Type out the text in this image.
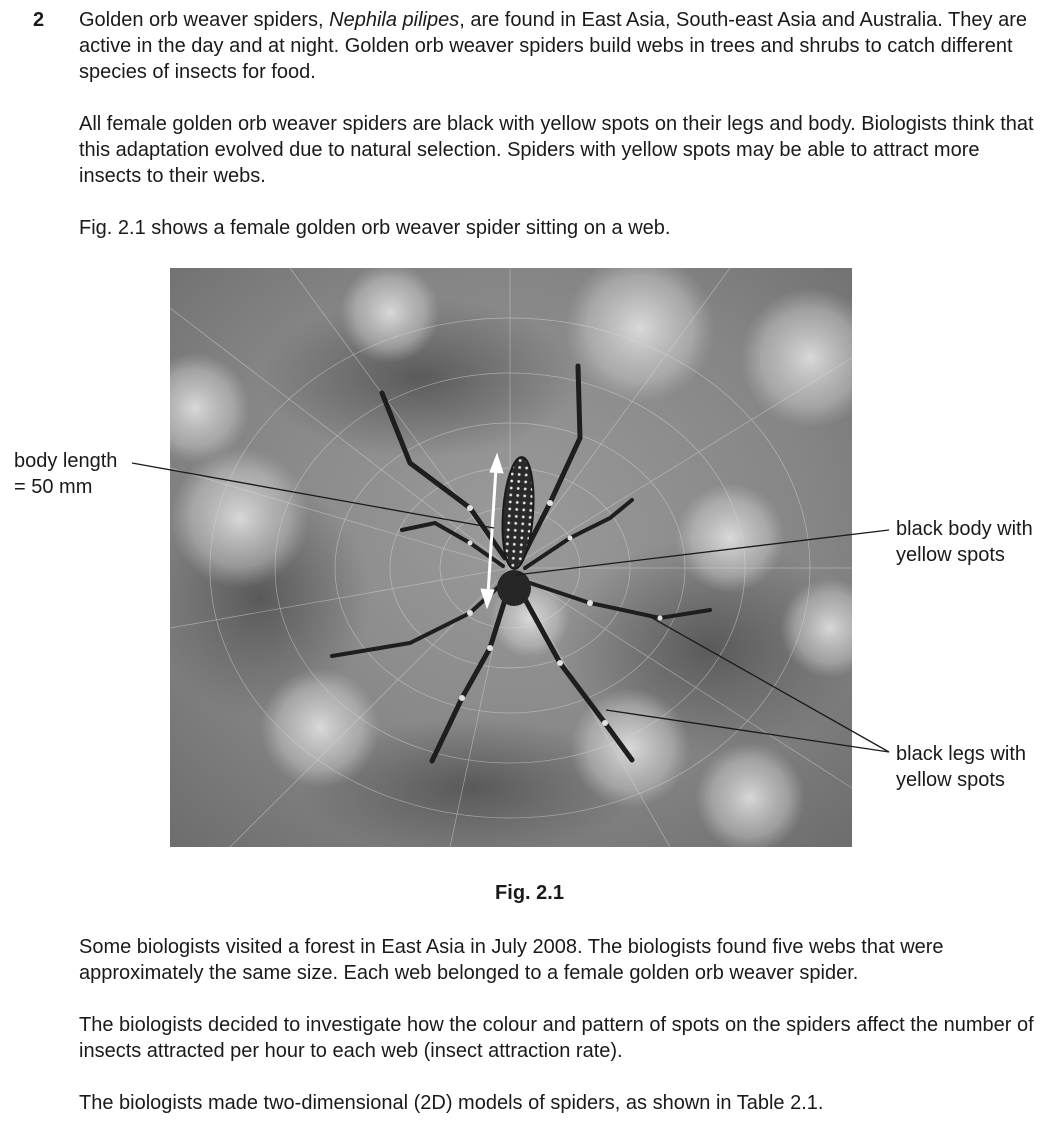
2 Golden orb weaver spiders, Nephila pilipes, are found in East Asia, South-east Asia and Australia. They are active in the day and at night. Golden orb weaver spiders build webs in trees and shrubs to catch different species of insects for food.

All female golden orb weaver spiders are black with yellow spots on their legs and body. Biologists think that this adaptation evolved due to natural selection. Spiders with yellow spots may be able to attract more insects to their webs.

Fig. 2.1 shows a female golden orb weaver spider sitting on a web.

body length
= 50 mm
black body with
yellow spots
black legs with
yellow spots
Fig. 2.1

Some biologists visited a forest in East Asia in July 2008. The biologists found five webs that were approximately the same size. Each web belonged to a female golden orb weaver spider.

The biologists decided to investigate how the colour and pattern of spots on the spiders affect the number of insects attracted per hour to each web (insect attraction rate).

The biologists made two-dimensional (2D) models of spiders, as shown in Table 2.1.
